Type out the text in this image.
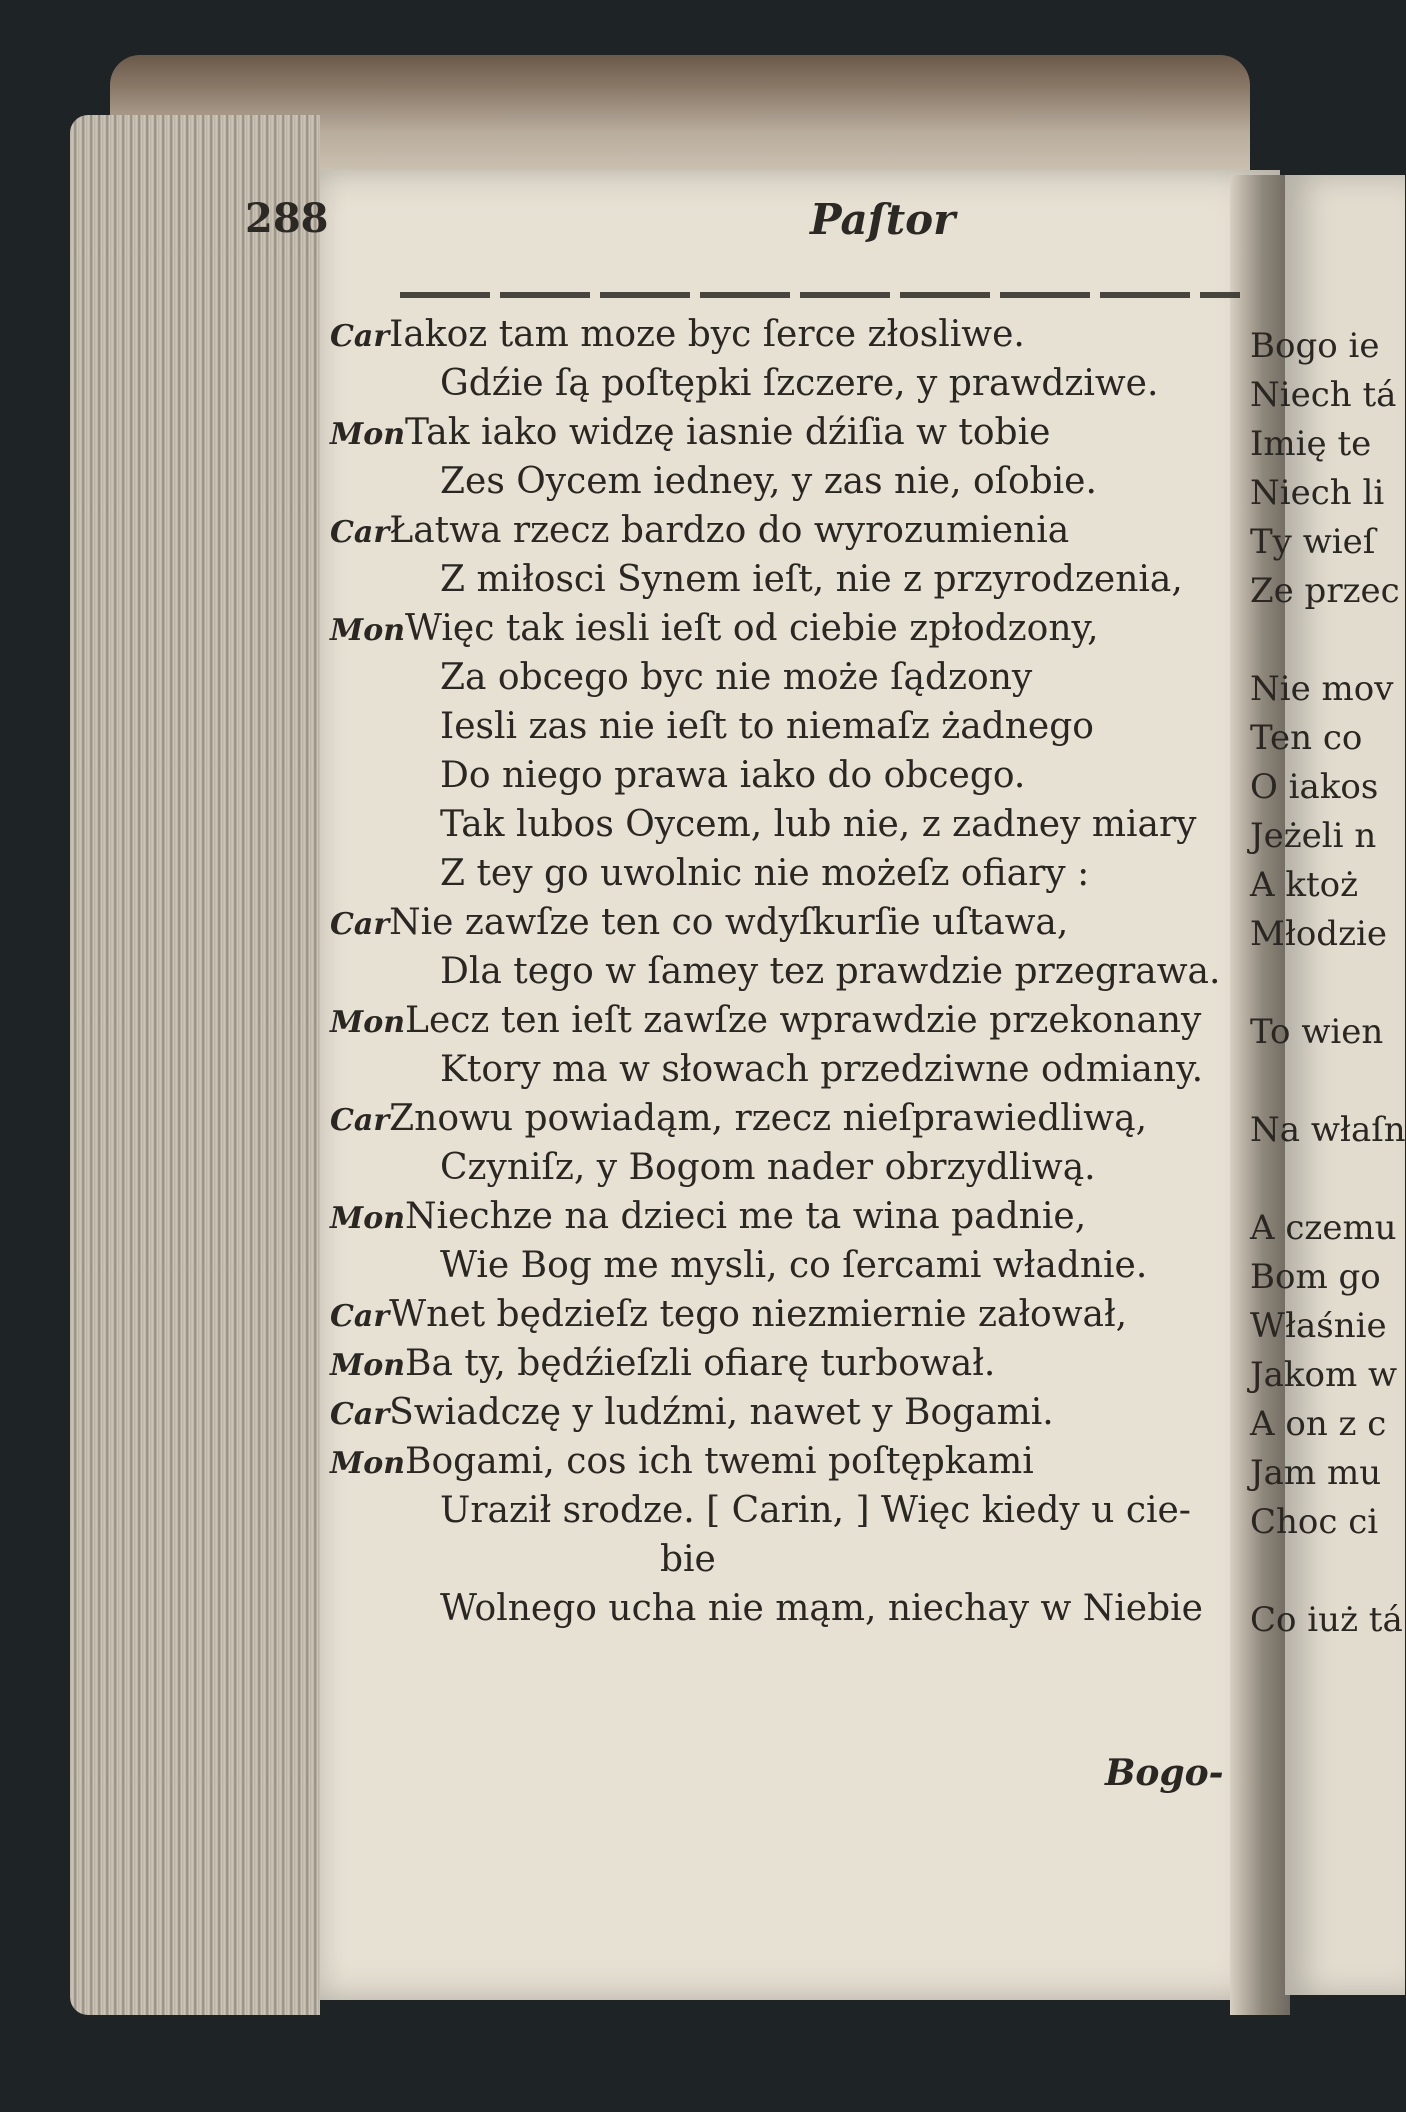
288	Paſtor
CarIakoz tam moze byc ſerce złosliwe.
Gdźie ſą poſtępki ſzczere, y prawdziwe.
MonTak iako widzę iasnie dźiſia w tobie
Zes Oycem iedney, y zas nie, oſobie.
CarŁatwa rzecz bardzo do wyrozumienia
Z miłosci Synem ieſt, nie z przyrodzenia,
MonWięc tak iesli ieſt od ciebie zpłodzony,
Za obcego byc nie może ſądzony
Iesli zas nie ieſt to niemaſz żadnego
Do niego prawa iako do obcego.
Tak lubos Oycem, lub nie, z zadney miary
Z tey go uwolnic nie możeſz ofiary :
CarNie zawſze ten co wdyſkurſie uſtawa,
Dla tego w ſamey tez prawdzie przegrawa.
MonLecz ten ieſt zawſze wprawdzie przekonany
Ktory ma w słowach przedziwne odmiany.
CarZnowu powiadąm, rzecz nieſprawiedliwą,
Czyniſz, y Bogom nader obrzydliwą.
MonNiechze na dzieci me ta wina padnie,
Wie Bog me mysli, co ſercami władnie.
CarWnet będzieſz tego niezmiernie załował,
MonBa ty, będźieſzli ofiarę turbował.
CarSwiadczę y ludźmi, nawet y Bogami.
MonBogami, cos ich twemi poſtępkami
Uraził srodze. [ Carin, ] Więc kiedy u cie-
bie
Wolnego ucha nie mąm, niechay w Niebie
Bogo-
Bogo ie
Niech tá
Imię te
Niech li
Ty wieſ
Ze przec
Nie mov
Ten co
O iakos
Jeżeli n
A ktoż
Młodzie
To wien
Na właſn
A czemu
Bom go
Właśnie
Jakom w
A on z c
Jam mu
Choc ci
Co iuż tá
